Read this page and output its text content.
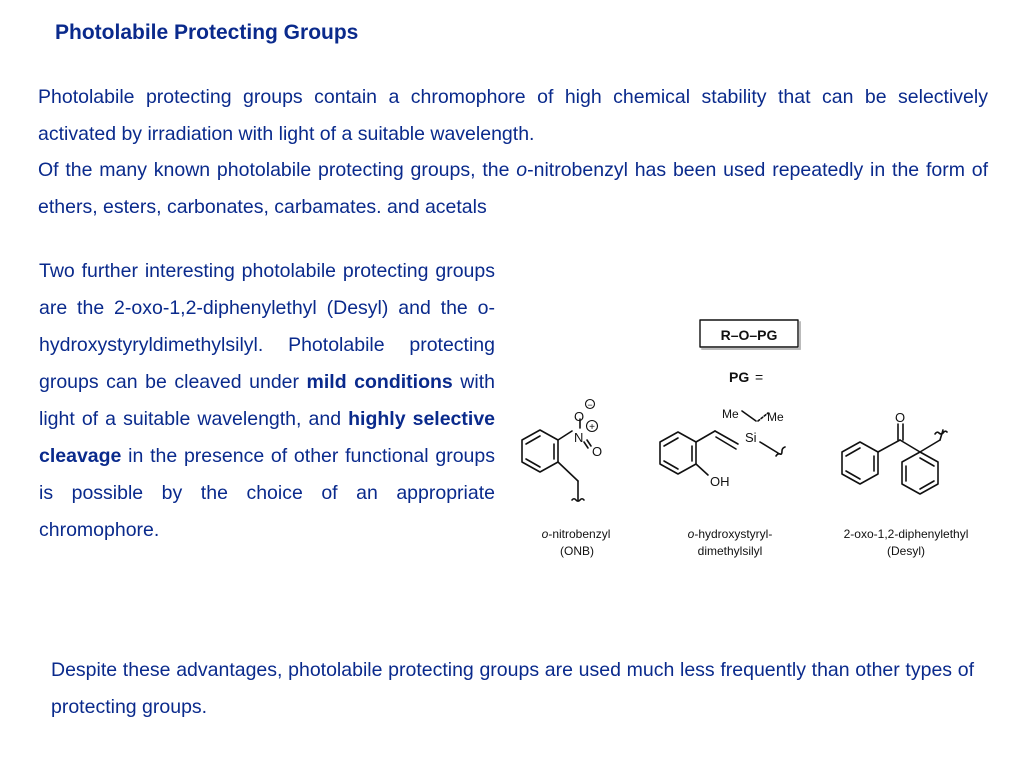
Photolabile Protecting Groups

Photolabile protecting groups contain a chromophore of high chemical stability that can be selectively activated by irradiation with light of a suitable wavelength.

Of the many known photolabile protecting groups, the o-nitrobenzyl has been used repeatedly in the form of ethers, esters, carbonates, carbamates. and acetals

Two further interesting photolabile protecting groups are the 2-oxo-1,2-diphenylethyl (Desyl) and the o-hydroxystyryldimethylsilyl. Photolabile protecting groups can be cleaved under mild conditions with light of a suitable wavelength, and highly selective cleavage in the presence of other functional groups is possible by the choice of an appropriate chromophore.

R–O–PG
PG =
O
N
O
−
+
Me Me
Si
OH
O
o-nitrobenzyl
(ONB)
o-hydroxystyryl-
dimethylsilyl
2-oxo-1,2-diphenylethyl
(Desyl)

Despite these advantages, photolabile protecting groups are used much less frequently than other types of protecting groups.
